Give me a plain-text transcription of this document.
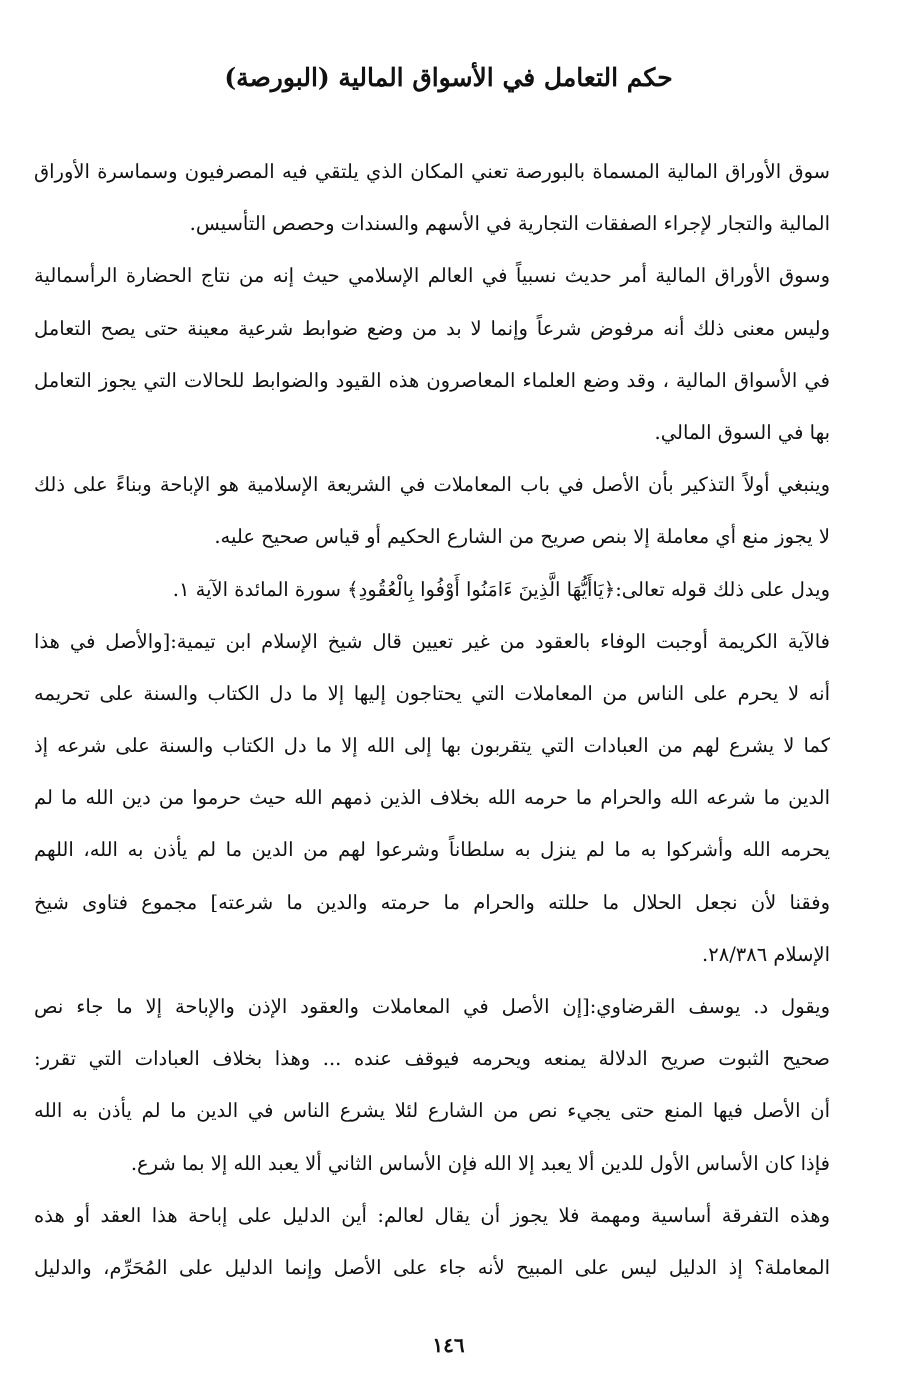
حكم التعامل في الأسواق المالية (البورصة)
سوق الأوراق المالية المسماة بالبورصة تعني المكان الذي يلتقي فيه المصرفيون وسماسرة الأوراق
المالية والتجار لإجراء الصفقات التجارية في الأسهم والسندات وحصص التأسيس.
وسوق الأوراق المالية أمر حديث نسبياً في العالم الإسلامي حيث إنه من نتاج الحضارة الرأسمالية
وليس معنى ذلك أنه مرفوض شرعاً وإنما لا بد من وضع ضوابط شرعية معينة حتى يصح التعامل
في الأسواق المالية ، وقد وضع العلماء المعاصرون هذه القيود والضوابط للحالات التي يجوز التعامل
بها في السوق المالي.
وينبغي أولاً التذكير بأن الأصل في باب المعاملات في الشريعة الإسلامية هو الإباحة وبناءً على ذلك
لا يجوز منع أي معاملة إلا بنص صريح من الشارع الحكيم أو قياس صحيح عليه.
ويدل على ذلك قوله تعالى:﴿يَاأَيُّهَا الَّذِينَ ءَامَنُوا أَوْفُوا بِالْعُقُودِ﴾ سورة المائدة الآية ١.
فالآية الكريمة أوجبت الوفاء بالعقود من غير تعيين قال شيخ الإسلام ابن تيمية:[والأصل في هذا
أنه لا يحرم على الناس من المعاملات التي يحتاجون إليها إلا ما دل الكتاب والسنة على تحريمه
كما لا يشرع لهم من العبادات التي يتقربون بها إلى الله إلا ما دل الكتاب والسنة على شرعه إذ
الدين ما شرعه الله والحرام ما حرمه الله بخلاف الذين ذمهم الله حيث حرموا من دين الله ما لم
يحرمه الله وأشركوا به ما لم ينزل به سلطاناً وشرعوا لهم من الدين ما لم يأذن به الله، اللهم
وفقنا لأن نجعل الحلال ما حللته والحرام ما حرمته والدين ما شرعته] مجموع فتاوى شيخ
الإسلام ٢٨/٣٨٦.
ويقول د. يوسف القرضاوي:[إن الأصل في المعاملات والعقود الإذن والإباحة إلا ما جاء نص
صحيح الثبوت صريح الدلالة يمنعه ويحرمه فيوقف عنده ... وهذا بخلاف العبادات التي تقرر:
أن الأصل فيها المنع حتى يجيء نص من الشارع لئلا يشرع الناس في الدين ما لم يأذن به الله
فإذا كان الأساس الأول للدين ألا يعبد إلا الله فإن الأساس الثاني ألا يعبد الله إلا بما شرع.
وهذه التفرقة أساسية ومهمة فلا يجوز أن يقال لعالم: أين الدليل على إباحة هذا العقد أو هذه
المعاملة؟ إذ الدليل ليس على المبيح لأنه جاء على الأصل وإنما الدليل على المُحَرِّم، والدليل
١٤٦
